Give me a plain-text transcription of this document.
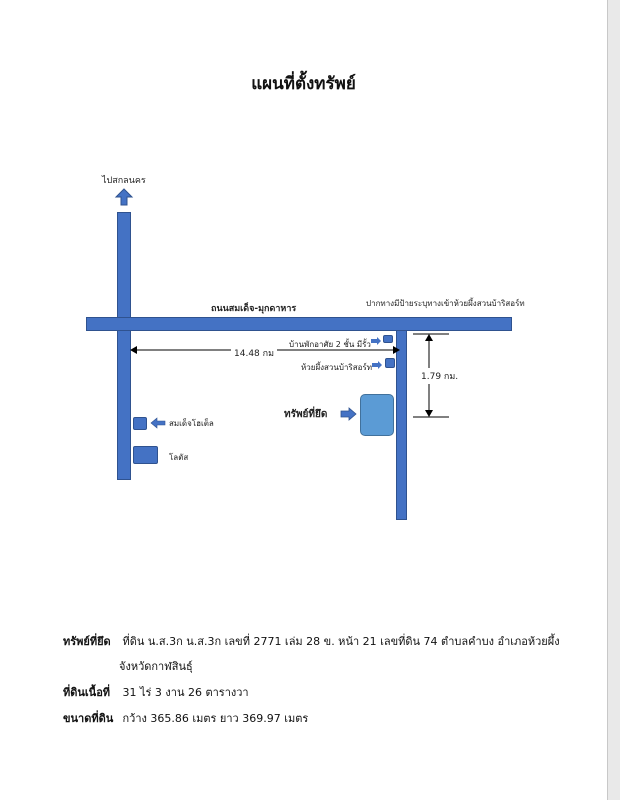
แผนที่ตั้งทรัพย์
ไปสกลนคร
ถนนสมเด็จ-มุกดาหาร
ปากทางมีป้ายระบุทางเข้าห้วยผึ้งสวนบ้าริสอร์ท
บ้านพักอาศัย 2 ชั้น มีรั้ว
ห้วยผึ้งสวนบ้าริสอร์ท
14.48 กม
1.79 กม.
ทรัพย์ที่ยึด
สมเด็จโฮเต็ล
โลตัส
ทรัพย์ที่ยึด ที่ดิน น.ส.3ก น.ส.3ก เลขที่ 2771 เล่ม 28 ข. หน้า 21 เลขที่ดิน 74 ตำบลคำบง อำเภอห้วยผึ้ง
จังหวัดกาฬสินธุ์
ที่ดินเนื้อที่ 31 ไร่ 3 งาน 26 ตารางวา
ขนาดที่ดิน กว้าง 365.86 เมตร ยาว 369.97 เมตร
